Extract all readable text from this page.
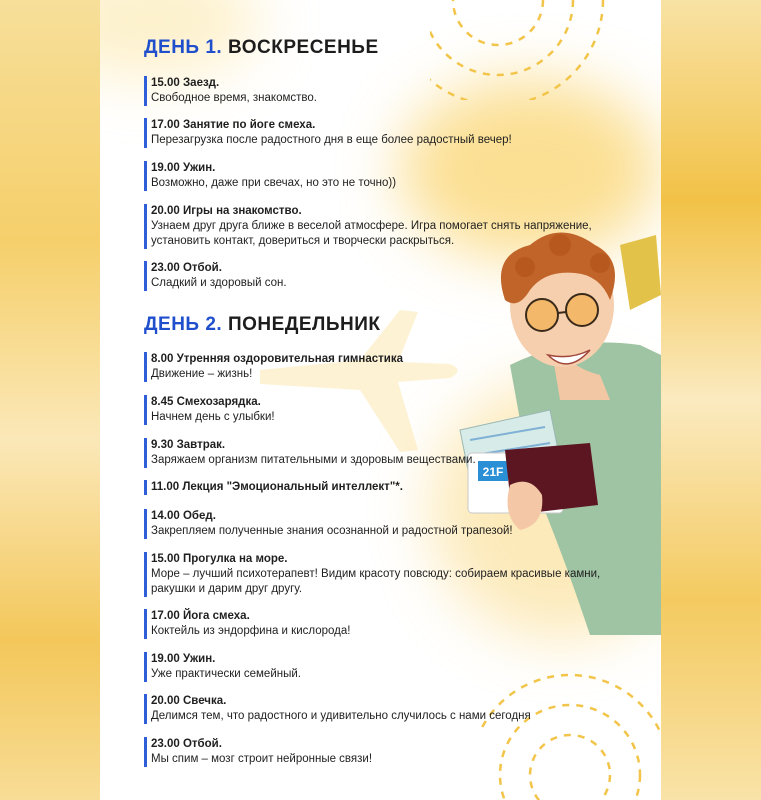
21F
ДЕНЬ 1. ВОСКРЕСЕНЬЕ
15.00 Заезд.
Свободное время, знакомство.
17.00 Занятие по йоге смеха.
Перезагрузка после радостного дня в еще более радостный вечер!
19.00 Ужин.
Возможно, даже при свечах, но это не точно))
20.00 Игры на знакомство.
Узнаем друг друга ближе в веселой атмосфере. Игра помогает снять напряжение, установить контакт, довериться и творчески раскрыться.
23.00 Отбой.
Сладкий и здоровый сон.
ДЕНЬ 2. ПОНЕДЕЛЬНИК
8.00 Утренняя оздоровительная гимнастика
Движение – жизнь!
8.45 Смехозарядка.
Начнем день с улыбки!
9.30 Завтрак.
Заряжаем организм питательными и здоровым веществами.
11.00 Лекция "Эмоциональный интеллект"*.
14.00 Обед.
Закрепляем полученные знания осознанной и радостной трапезой!
15.00 Прогулка на море.
Море – лучший психотерапевт! Видим красоту повсюду: собираем красивые камни, ракушки и дарим друг другу.
17.00 Йога смеха.
Коктейль из эндорфина и кислорода!
19.00 Ужин.
Уже практически семейный.
20.00 Свечка.
Делимся тем, что радостного и удивительно случилось с нами сегодня
23.00 Отбой.
Мы спим – мозг строит нейронные связи!
